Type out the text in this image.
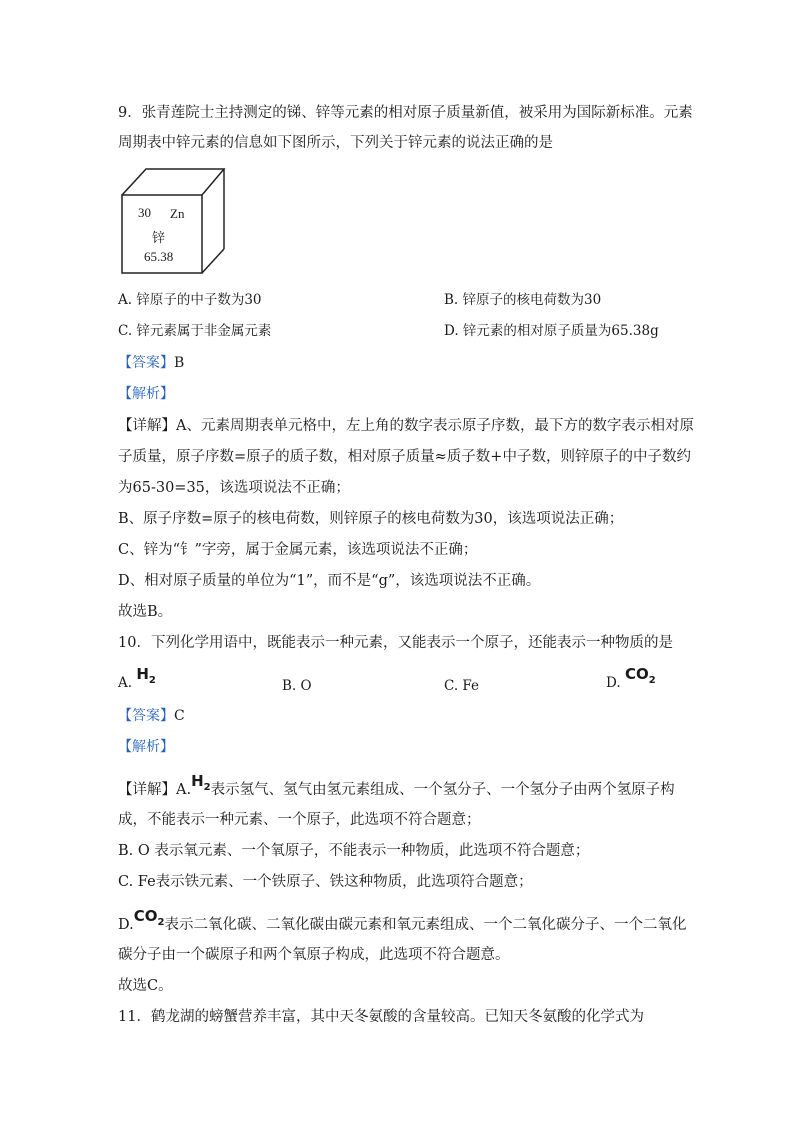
9．张青莲院士主持测定的锑、锌等元素的相对原子质量新值，被采用为国际新标准。元素
周期表中锌元素的信息如下图所示，下列关于锌元素的说法正确的是
30 Zn
锌
65.38
A. 锌原子的中子数为30	B. 锌原子的核电荷数为30
C. 锌元素属于非金属元素	D. 锌元素的相对原子质量为65.38g
【答案】B
【解析】
【详解】A、元素周期表单元格中，左上角的数字表示原子序数，最下方的数字表示相对原
子质量，原子序数=原子的质子数，相对原子质量≈质子数+中子数，则锌原子的中子数约
为65-30=35，该选项说法不正确；
B、原子序数=原子的核电荷数，则锌原子的核电荷数为30，该选项说法正确；
C、锌为“钅”字旁，属于金属元素，该选项说法不正确；
D、相对原子质量的单位为“1”，而不是“g”，该选项说法不正确。
故选B。
10．下列化学用语中，既能表示一种元素，又能表示一个原子，还能表示一种物质的是
A. $H_2$	B. O	C. Fe	D. $CO_2$
【答案】C
【解析】
【详解】$A.H_2$表示氢气、氢气由氢元素组成、一个氢分子、一个氢分子由两个氢原子构
成，不能表示一种元素、一个原子，此选项不符合题意；
B. O 表示氧元素、一个氧原子，不能表示一种物质，此选项不符合题意；
C. Fe表示铁元素、一个铁原子、铁这种物质，此选项符合题意；
$D.CO_2$表示二氧化碳、二氧化碳由碳元素和氧元素组成、一个二氧化碳分子、一个二氧化
碳分子由一个碳原子和两个氧原子构成，此选项不符合题意。
故选C。
11．鹤龙湖的螃蟹营养丰富，其中天冬氨酸的含量较高。已知天冬氨酸的化学式为
